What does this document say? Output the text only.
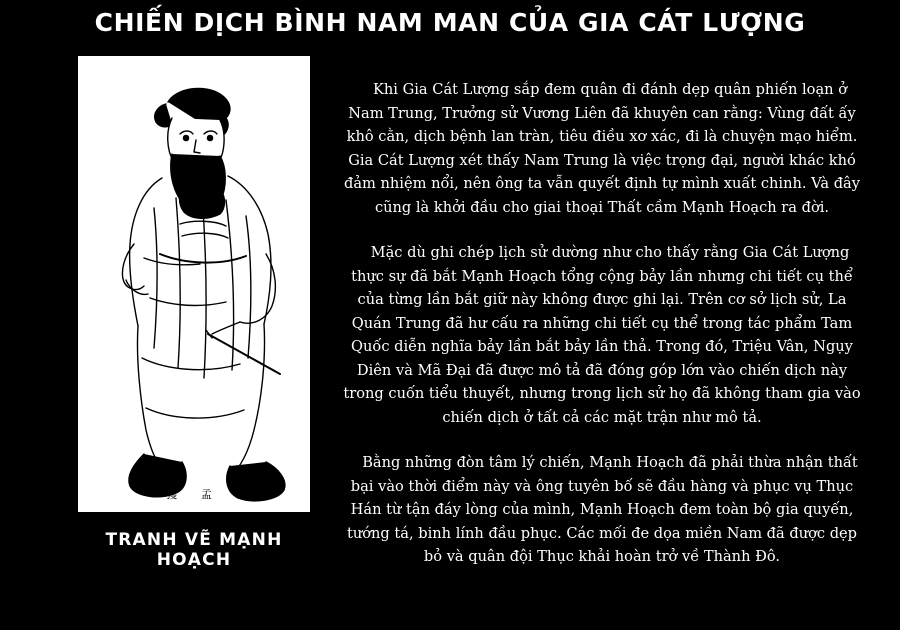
CHIẾN DỊCH BÌNH NAM MAN CỦA GIA CÁT LƯỢNG
獲 孟
TRANH VẼ MẠNH HOẠCH

Khi Gia Cát Lượng sắp đem quân đi đánh dẹp quân phiến loạn ở Nam Trung, Trưởng sử Vương Liên đã khuyên can rằng: Vùng đất ấy khô cằn, dịch bệnh lan tràn, tiêu điều xơ xác, đi là chuyện mạo hiểm. Gia Cát Lượng xét thấy Nam Trung là việc trọng đại, người khác khó đảm nhiệm nổi, nên ông ta vẫn quyết định tự mình xuất chinh. Và đây cũng là khởi đầu cho giai thoại Thất cầm Mạnh Hoạch ra đời.

Mặc dù ghi chép lịch sử dường như cho thấy rằng Gia Cát Lượng thực sự đã bắt Mạnh Hoạch tổng cộng bảy lần nhưng chi tiết cụ thể của từng lần bắt giữ này không được ghi lại. Trên cơ sở lịch sử, La Quán Trung đã hư cấu ra những chi tiết cụ thể trong tác phẩm Tam Quốc diễn nghĩa bảy lần bắt bảy lần thả. Trong đó, Triệu Vân, Ngụy Diên và Mã Đại đã được mô tả đã đóng góp lớn vào chiến dịch này trong cuốn tiểu thuyết, nhưng trong lịch sử họ đã không tham gia vào chiến dịch ở tất cả các mặt trận như mô tả.

Bằng những đòn tâm lý chiến, Mạnh Hoạch đã phải thừa nhận thất bại vào thời điểm này và ông tuyên bố sẽ đầu hàng và phục vụ Thục Hán từ tận đáy lòng của mình, Mạnh Hoạch đem toàn bộ gia quyến, tướng tá, binh lính đầu phục. Các mối đe dọa miền Nam đã được dẹp bỏ và quân đội Thục khải hoàn trở về Thành Đô.
